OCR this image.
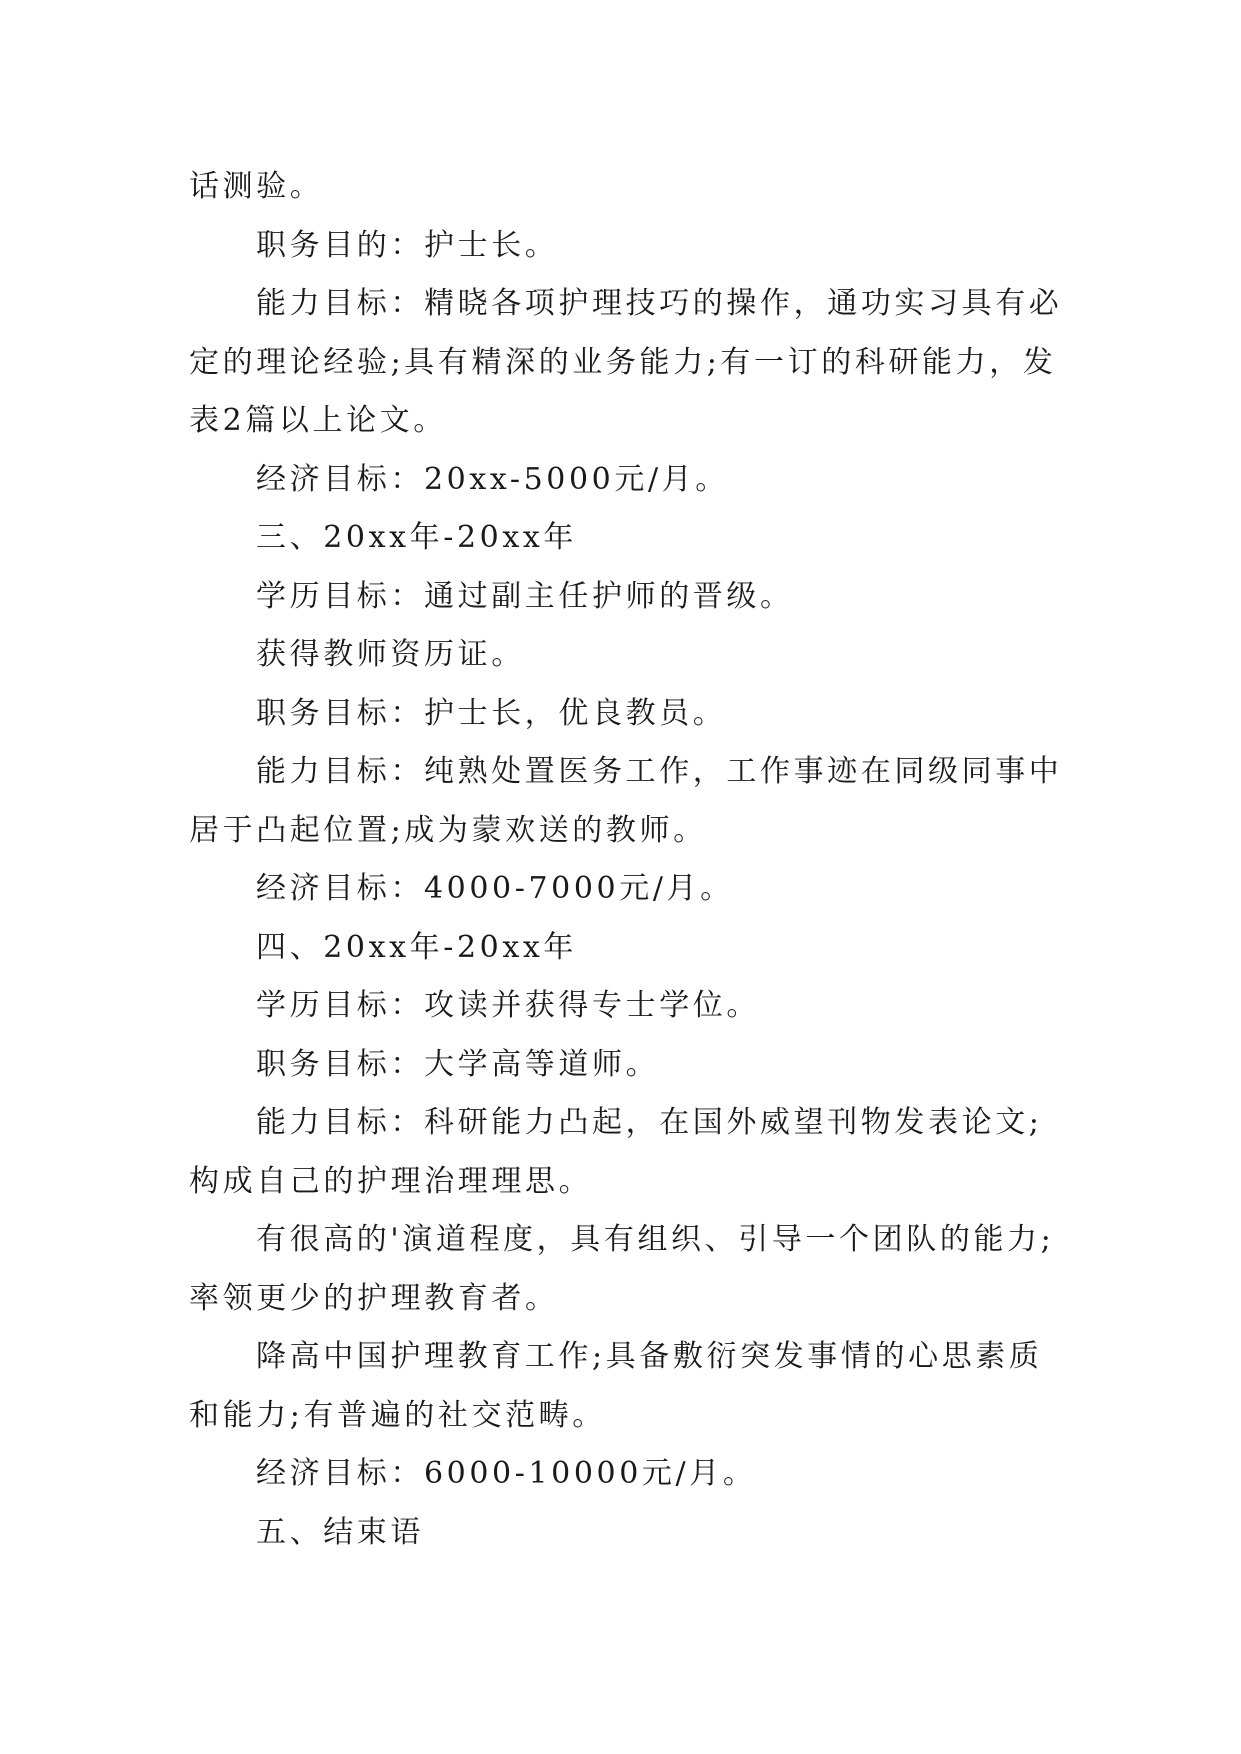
话测验。

职务目的：护士长。

能力目标：精晓各项护理技巧的操作，通功实习具有必定的理论经验;具有精深的业务能力;有一订的科研能力，发表2篇以上论文。

经济目标：20xx-5000元/月。

三、20xx年-20xx年

学历目标：通过副主任护师的晋级。

获得教师资历证。

职务目标：护士长，优良教员。

能力目标：纯熟处置医务工作，工作事迹在同级同事中居于凸起位置;成为蒙欢送的教师。

经济目标：4000-7000元/月。

四、20xx年-20xx年

学历目标：攻读并获得专士学位。

职务目标：大学高等道师。

能力目标：科研能力凸起，在国外威望刊物发表论文;构成自己的护理治理理思。

有很高的'演道程度，具有组织、引导一个团队的能力;率领更少的护理教育者。

降高中国护理教育工作;具备敷衍突发事情的心思素质和能力;有普遍的社交范畴。

经济目标：6000-10000元/月。

五、结束语
